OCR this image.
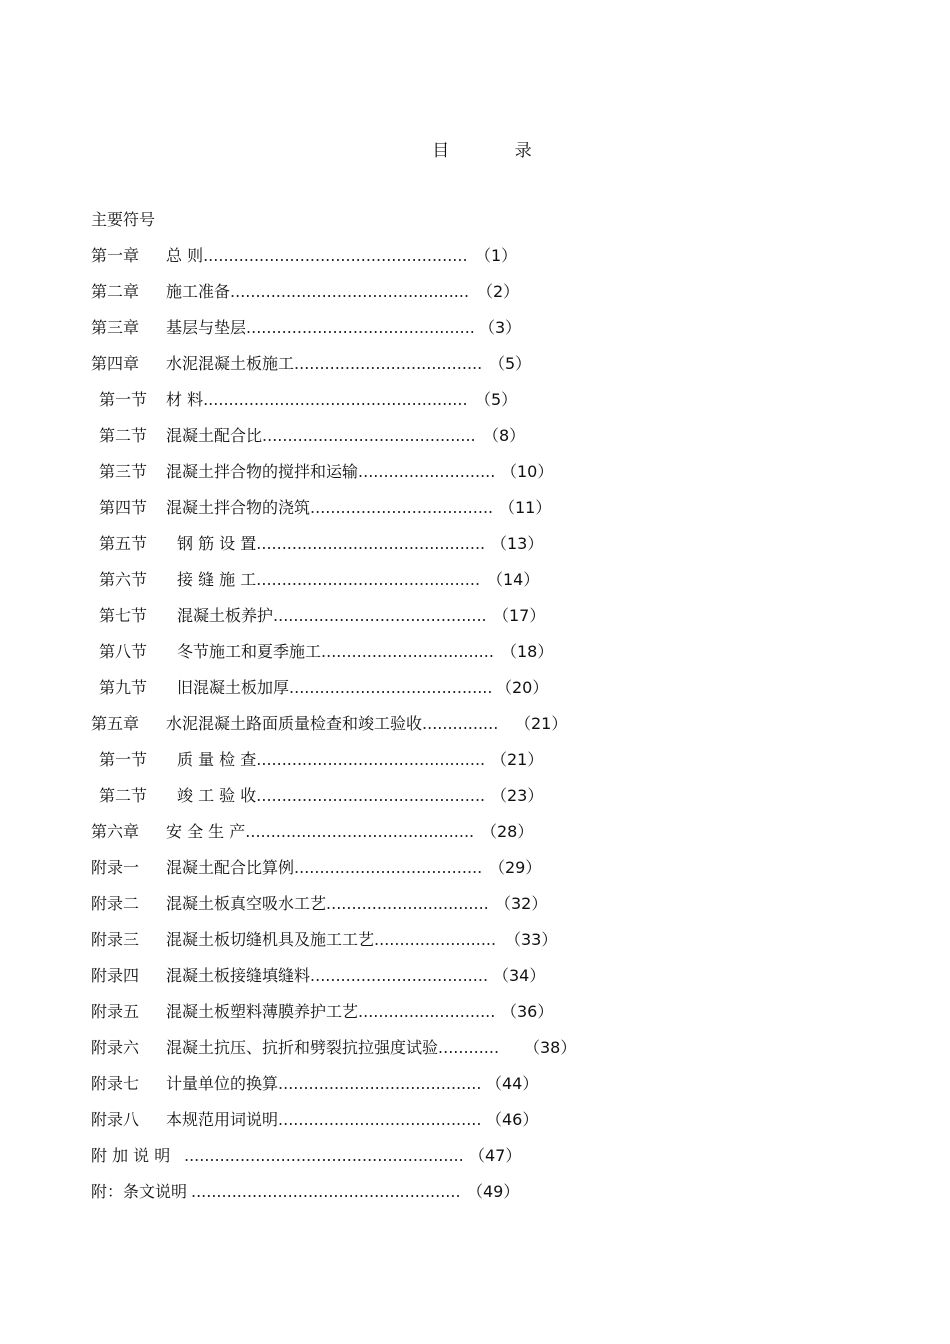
目 录
主要符号
第一章 总 则.................................................... （1）
第二章 施工准备............................................... （2）
第三章 基层与垫层............................................. （3）
第四章 水泥混凝土板施工..................................... （5）
第一节 材 料.................................................... （5）
第二节 混凝土配合比.......................................... （8）
第三节 混凝土拌合物的搅拌和运输........................... （10）
第四节 混凝土拌合物的浇筑.................................... （11）
第五节 钢 筋 设 置............................................. （13）
第六节 接 缝 施 工............................................ （14）
第七节 混凝土板养护.......................................... （17）
第八节 冬节施工和夏季施工.................................. （18）
第九节 旧混凝土板加厚........................................ （20）
第五章 水泥混凝土路面质量检查和竣工验收............... （21）
第一节 质 量 检 查............................................. （21）
第二节 竣 工 验 收............................................. （23）
第六章 安 全 生 产............................................. （28）
附录一 混凝土配合比算例..................................... （29）
附录二 混凝土板真空吸水工艺................................ （32）
附录三 混凝土板切缝机具及施工工艺........................ （33）
附录四 混凝土板接缝填缝料................................... （34）
附录五 混凝土板塑料薄膜养护工艺........................... （36）
附录六 混凝土抗压、抗折和劈裂抗拉强度试验............ （38）
附录七 计量单位的换算........................................ （44）
附录八 本规范用词说明........................................ （46）
附 加 说 明 ....................................................... （47）
附：条文说明 ..................................................... （49）
